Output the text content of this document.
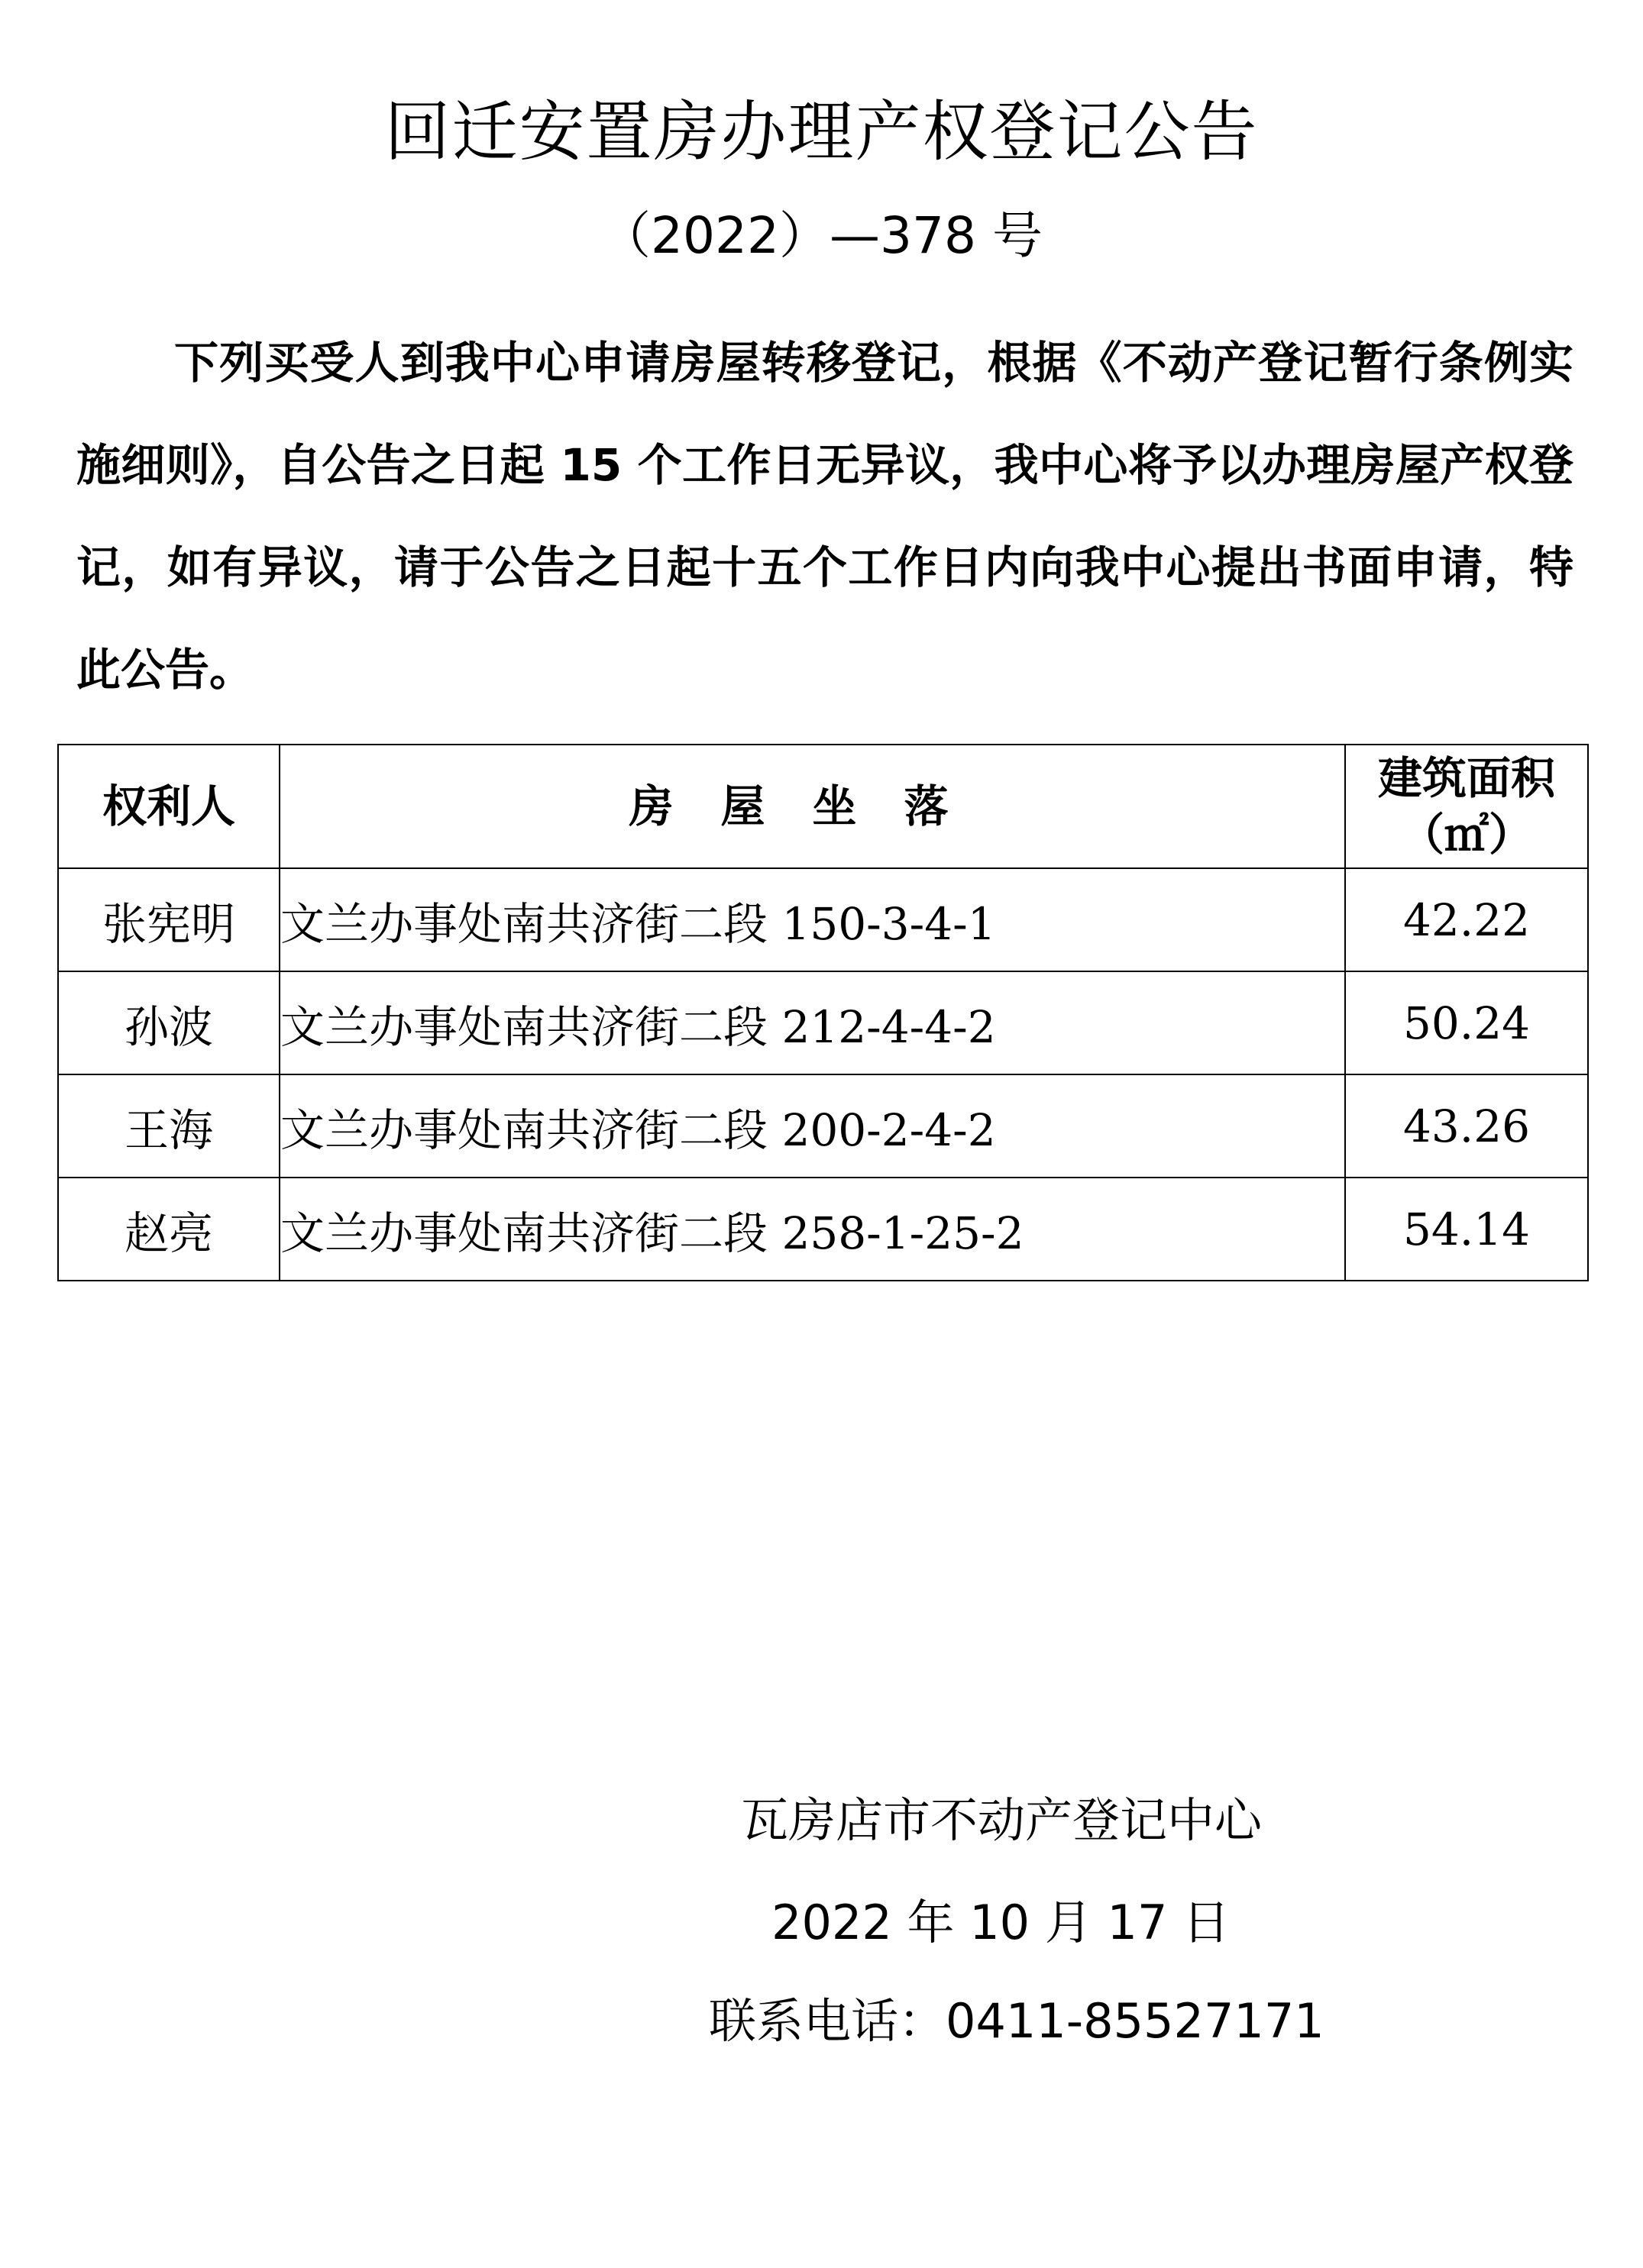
回迁安置房办理产权登记公告

（2022）—378 号

下列买受人到我中心申请房屋转移登记，根据《不动产登记暂行条例实施细则》，自公告之日起 15 个工作日无异议，我中心将予以办理房屋产权登记，如有异议，请于公告之日起十五个工作日内向我中心提出书面申请，特此公告。

权利人	房屋坐落	建筑面积（㎡）
张宪明	文兰办事处南共济街二段 150-3-4-1	42.22
孙波	文兰办事处南共济街二段 212-4-4-2	50.24
王海	文兰办事处南共济街二段 200-2-4-2	43.26
赵亮	文兰办事处南共济街二段 258-1-25-2	54.14

瓦房店市不动产登记中心

2022 年 10 月 17 日

联系电话：0411-85527171
